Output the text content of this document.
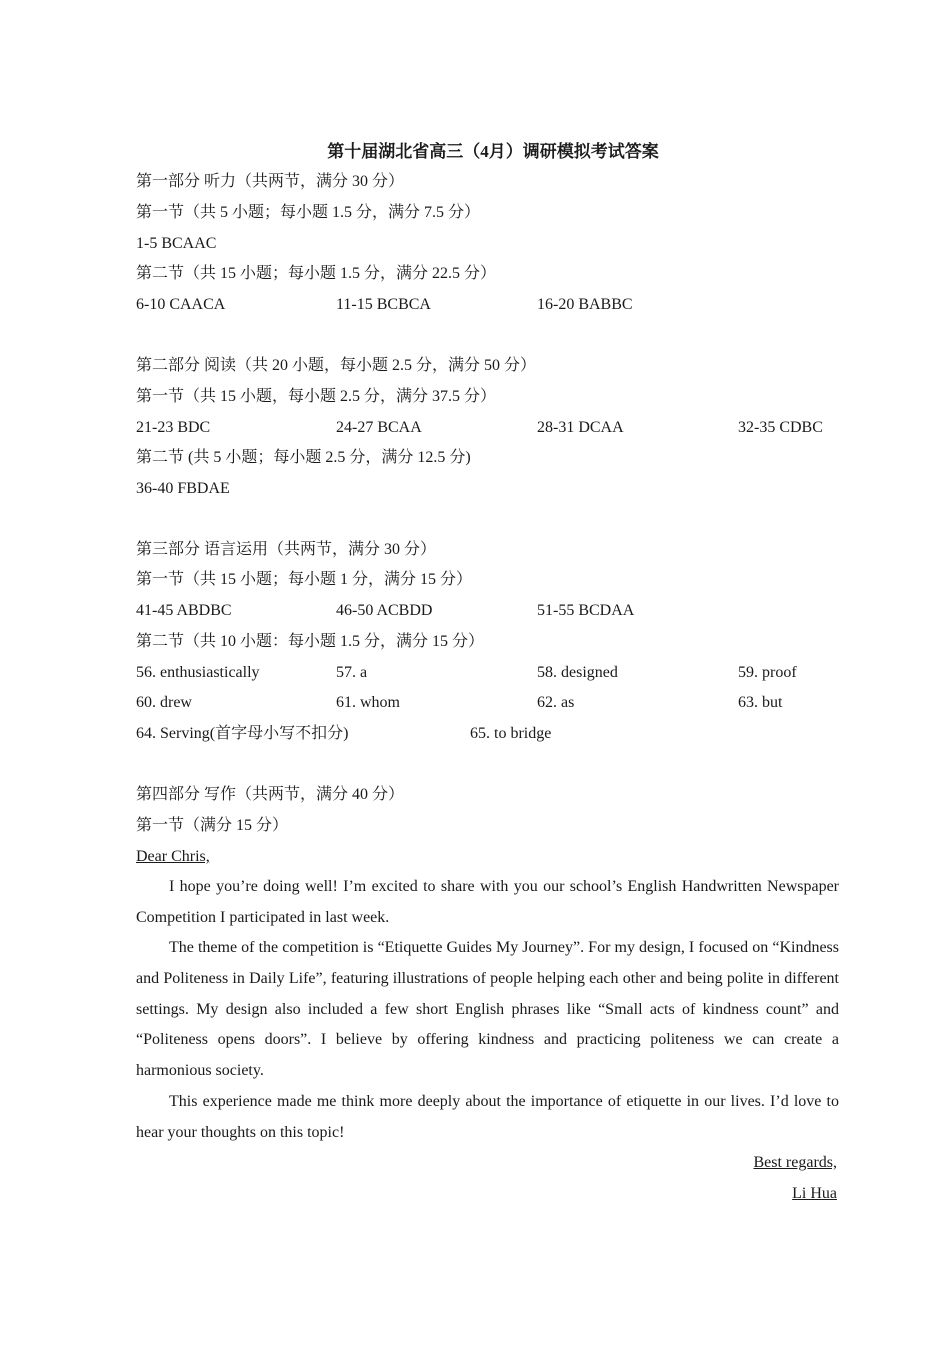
第十届湖北省高三（4月）调研模拟考试答案
第一部分 听力（共两节，满分 30 分）
第一节（共 5 小题；每小题 1.5 分，满分 7.5 分）
1-5 BCAAC
第二节（共 15 小题；每小题 1.5 分，满分 22.5 分）
6-10 CAACA	11-15 BCBCA	16-20 BABBC
第二部分 阅读（共 20 小题，每小题 2.5 分，满分 50 分）
第一节（共 15 小题，每小题 2.5 分，满分 37.5 分）
21-23 BDC	24-27 BCAA	28-31 DCAA	32-35 CDBC
第二节 (共 5 小题；每小题 2.5 分，满分 12.5 分)
36-40 FBDAE
第三部分 语言运用（共两节，满分 30 分）
第一节（共 15 小题；每小题 1 分，满分 15 分）
41-45 ABDBC	46-50 ACBDD	51-55 BCDAA
第二节（共 10 小题：每小题 1.5 分，满分 15 分）
56. enthusiastically	57. a	58. designed	59. proof
60. drew	61. whom	62. as	63. but
64. Serving(首字母小写不扣分)	65. to bridge
第四部分 写作（共两节，满分 40 分）
第一节（满分 15 分）
Dear Chris,
I hope you’re doing well! I’m excited to share with you our school’s English Handwritten Newspaper Competition I participated in last week.
The theme of the competition is “Etiquette Guides My Journey”. For my design, I focused on “Kindness and Politeness in Daily Life”, featuring illustrations of people helping each other and being polite in different settings. My design also included a few short English phrases like “Small acts of kindness count” and “Politeness opens doors”. I believe by offering kindness and practicing politeness we can create a harmonious society.
This experience made me think more deeply about the importance of etiquette in our lives. I’d love to hear your thoughts on this topic!
Best regards,
Li Hua
